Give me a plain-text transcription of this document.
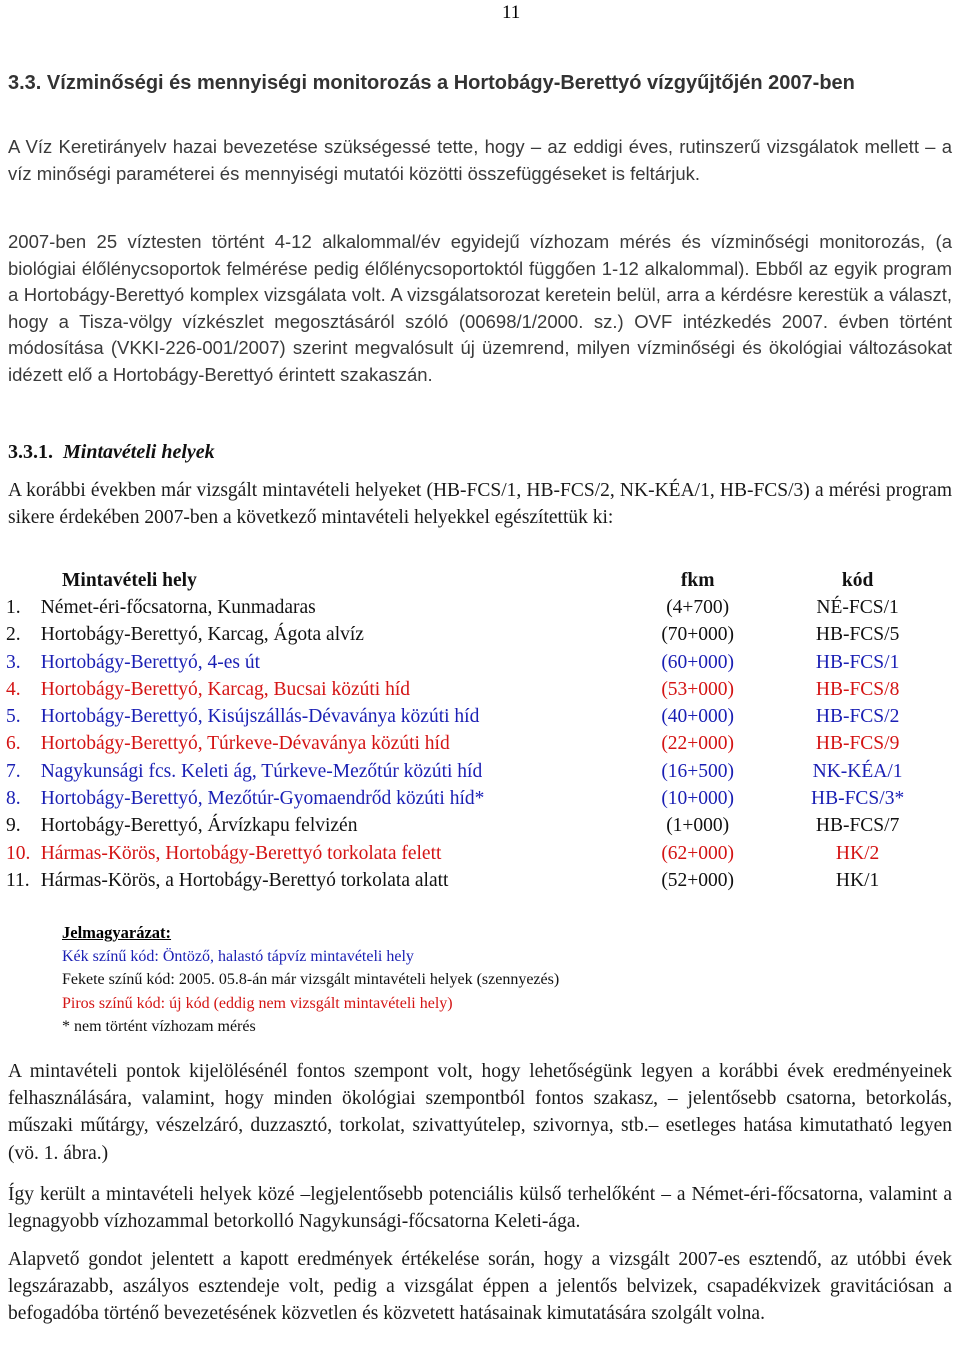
11
3.3. Vízminőségi és mennyiségi monitorozás a Hortobágy-Berettyó vízgyűjtőjén 2007-ben

A Víz Keretirányelv hazai bevezetése szükségessé tette, hogy – az eddigi éves, rutinszerű vizsgálatok mellett – a víz minőségi paraméterei és mennyiségi mutatói közötti összefüggéseket is feltárjuk.

2007-ben 25 víztesten történt 4-12 alkalommal/év egyidejű vízhozam mérés és vízminőségi monitorozás, (a biológiai élőlénycsoportok felmérése pedig élőlénycsoportoktól függően 1-12 alkalommal). Ebből az egyik program a Hortobágy-Berettyó komplex vizsgálata volt. A vizsgálatsorozat keretein belül, arra a kérdésre kerestük a választ, hogy a Tisza-völgy vízkészlet megosztásáról szóló (00698/1/2000. sz.) OVF intézkedés 2007. évben történt módosítása (VKKI-226-001/2007) szerint megvalósult új üzemrend, milyen vízminőségi és ökológiai változásokat idézett elő a Hortobágy-Berettyó érintett szakaszán.

3.3.1. Mintavételi helyek

A korábbi években már vizsgált mintavételi helyeket (HB-FCS/1, HB-FCS/2, NK-KÉA/1, HB-FCS/3) a mérési program sikere érdekében 2007-ben a következő mintavételi helyekkel egészítettük ki:

Mintavételi hely		fkm	kód
1.	Német-éri-főcsatorna, Kunmadaras	(4+700)	NÉ-FCS/1
2.	Hortobágy-Berettyó, Karcag, Ágota alvíz	(70+000)	HB-FCS/5
3.	Hortobágy-Berettyó, 4-es út	(60+000)	HB-FCS/1
4.	Hortobágy-Berettyó, Karcag, Bucsai közúti híd	(53+000)	HB-FCS/8
5.	Hortobágy-Berettyó, Kisújszállás-Dévaványa közúti híd	(40+000)	HB-FCS/2
6.	Hortobágy-Berettyó, Túrkeve-Dévaványa közúti híd	(22+000)	HB-FCS/9
7.	Nagykunsági fcs. Keleti ág, Túrkeve-Mezőtúr közúti híd	(16+500)	NK-KÉA/1
8.	Hortobágy-Berettyó, Mezőtúr-Gyomaendrőd közúti híd*	(10+000)	HB-FCS/3*
9.	Hortobágy-Berettyó, Árvízkapu felvizén	(1+000)	HB-FCS/7
10.	Hármas-Körös, Hortobágy-Berettyó torkolata felett	(62+000)	HK/2
11.	Hármas-Körös, a Hortobágy-Berettyó torkolata alatt	(52+000)	HK/1
Jelmagyarázat:
Kék színű kód: Öntöző, halastó tápvíz mintavételi hely
Fekete színű kód: 2005. 05.8-án már vizsgált mintavételi helyek (szennyezés)
Piros színű kód: új kód (eddig nem vizsgált mintavételi hely)
* nem történt vízhozam mérés

A mintavételi pontok kijelölésénél fontos szempont volt, hogy lehetőségünk legyen a korábbi évek eredményeinek felhasználására, valamint, hogy minden ökológiai szempontból fontos szakasz, – jelentősebb csatorna, betorkolás, műszaki műtárgy, vészelzáró, duzzasztó, torkolat, szivattyútelep, szivornya, stb.– esetleges hatása kimutatható legyen (vö. 1. ábra.)

Így került a mintavételi helyek közé –legjelentősebb potenciális külső terhelőként – a Német-éri-főcsatorna, valamint a legnagyobb vízhozammal betorkolló Nagykunsági-főcsatorna Keleti-ága.

Alapvető gondot jelentett a kapott eredmények értékelése során, hogy a vizsgált 2007-es esztendő, az utóbbi évek legszárazabb, aszályos esztendeje volt, pedig a vizsgálat éppen a jelentős belvizek, csapadékvizek gravitációsan a befogadóba történő bevezetésének közvetlen és közvetett hatásainak kimutatására szolgált volna.
